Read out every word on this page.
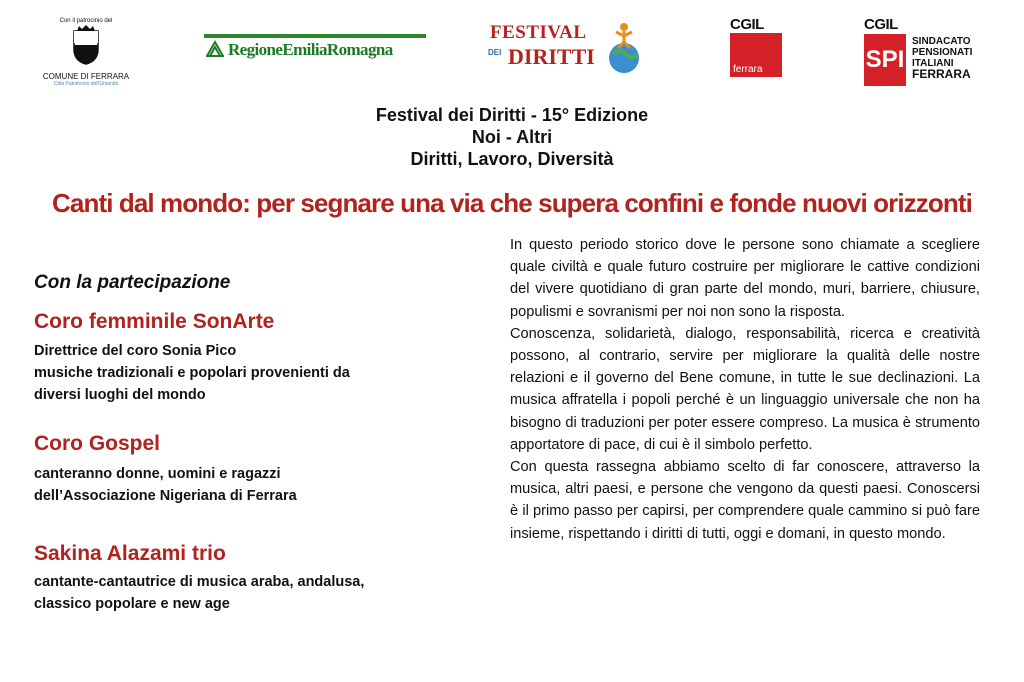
Con il patrocinio del
COMUNE DI FERRARA
Città Patrimonio dell'Umanità
RegioneEmiliaRomagna
FESTIVAL
DEI DIRITTI
CGIL
ferrara
CGIL
SPI
SINDACATO
PENSIONATI
ITALIANI
FERRARA
Festival dei Diritti - 15° Edizione
Noi - Altri
Diritti, Lavoro, Diversità
Canti dal mondo: per segnare una via che supera confini e fonde nuovi orizzonti
Con la partecipazione
Coro femminile SonArte
Direttrice del coro Sonia Pico
musiche tradizionali e popolari provenienti da
diversi luoghi del mondo
Coro Gospel
canteranno donne, uomini e ragazzi
dell’Associazione Nigeriana di Ferrara
Sakina Alazami trio
cantante-cantautrice di musica araba, andalusa,
classico popolare e new age

In questo periodo storico dove le persone sono chiamate a scegliere quale civiltà e quale futuro costruire per migliorare le cattive condizioni del vivere quotidiano di gran parte del mondo, muri, barriere, chiusure, populismi e sovranismi per noi non sono la risposta.

Conoscenza, solidarietà, dialogo, responsabilità, ricerca e creatività possono, al contrario, servire per migliorare la qualità delle nostre relazioni e il governo del Bene comune, in tutte le sue declinazioni. La musica affratella i popoli perché è un linguaggio universale che non ha bisogno di traduzioni per poter essere compreso. La musica è strumento apportatore di pace, di cui è il simbolo perfetto.

Con questa rassegna abbiamo scelto di far conoscere, attraverso la musica, altri paesi, e persone che vengono da questi paesi. Conoscersi è il primo passo per capirsi, per comprendere quale cammino si può fare insieme, rispettando i diritti di tutti, oggi e domani, in questo mondo.
